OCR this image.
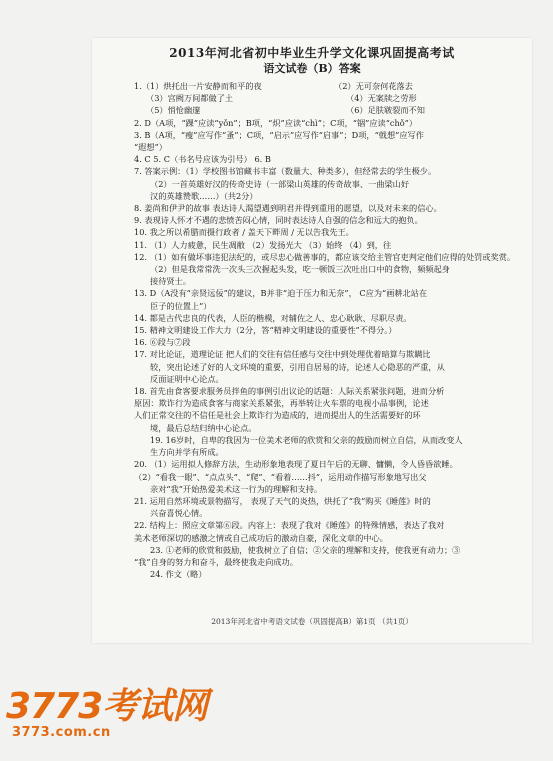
2013年河北省初中毕业生升学文化课巩固提高考试
语文试卷（B）答案
1.（1）烘托出一片安静而和平的夜	（2）无可奈何花落去
（3）宫阙万间都做了土	（4）无案牍之劳形
（5）悄怆幽邃	（6）足肤皲裂而不知
2. D（A项，“踝”应读“yǒn”；B项，“炽”应读“chì”；C项，“锢”应读“chǒ”）
3. B（A项，“瘦”应写作“蚤”；C项，“启示”应写作“启事”；D项，“戟想”应写作
“遐想”）
4. C 5. C（书名号应该为引号） 6. B
7. 答案示例：（1）学校图书馆藏书丰富（数量大、种类多），但经常去的学生极少。
（2）一首英雄好汉的传奇史诗（一部梁山英雄的传奇故事、一曲梁山好
汉的英雄赞歌……）（共2分）
8. 姜尚和伊尹的故事 表达诗人渴望遇到明君并得到重用的愿望，以及对未来的信心。
9. 表现诗人怀才不遇的悲愤苦闷心情，同时表达诗人自强的信念和远大的抱负。
10. 我之所以希腊而摄行政者 / 盖天下畔周 / 无以告我先王。
11. （1）人力疲惫，民生凋敝 （2）发扬光大 （3）始终 （4）到，往
12. （1）如有做坏事违犯法纪的，或尽忠心做善事的，都应该交给主管官吏判定他们应得的处罚或奖赏。
（2）但是我常常洗一次头三次握起头发，吃一顿饭三次吐出口中的食物，频频起身
接待贤士。
13. D（A没有“亲贤远佞”的建议，B并非“迫于压力和无奈”， C应为“画耕北站在
臣子的位置上”）
14. 都是古代忠良的代表，人臣的楷模，对辅佐之人、忠心耿耿、尽职尽责。
15. 精神文明建设工作大力（2分，答“精神文明建设的重要性”不得分。）
16. ⑥段与⑦段
17. 对比论证，道理论证 把人们的交往有信任感与交往中到处理优着暗算与欺瞒比
较，突出论述了好的人文环境的重要，引用自居易的诗，论述人心隐恶的严重，从
反面证明中心论点。
18. 首先由食客要求服务员拌鱼的事例引出议论的话题：人际关系紧张问题，进而分析
原因：欺诈行为造成食客与商家关系紧张，再举转让火车票的电视小品事例，论述
人们正常交往的不信任是社会上欺诈行为造成的，进而提出人的生活需要好的环
境，最后总结归纳中心论点。
19. 16岁时，自卑的我因为一位美术老师的欣赏和父亲的鼓励而树立自信，从而改变人
生方向并学有所成。
20. （1）运用拟人修辞方法，生动形象地表现了夏日午后的无聊、慵懒，令人昏昏欲睡。
（2）“看我一眼”、“点点头”、“爬”、“看着……抖”，运用动作描写形象地写出父
亲对“我”开始热爱美术这一行为的理解和支持。
21. 运用自然环境或景物描写， 表现了天气的炎热，烘托了“我”购买《睡莲》时的
兴奋喜悦心情。
22. 结构上：照应文章第⑥段。内容上：表现了我对《睡莲》的特殊情感，表达了我对
美术老师深切的感激之情或自己成功后的激动自豪，深化文章的中心。
23. ①老师的欣赏和鼓励，使我树立了自信；②父亲的理解和支持，使我更有动力；③
“我”自身的努力和奋斗，最终使我走向成功。
24. 作文（略）
2013年河北省中考语文试卷（巩固提高B）第1页 （共1页）
3773考试网
3773.com.cn
